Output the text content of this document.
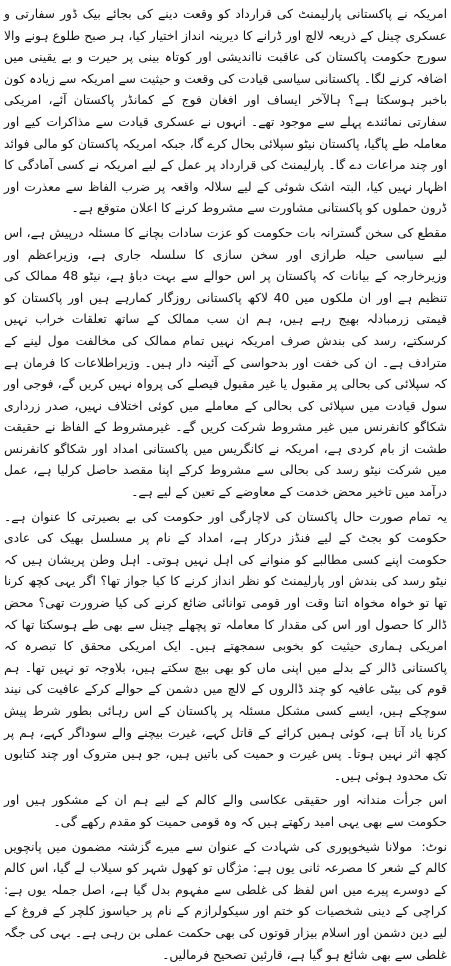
امریکہ نے پاکستانی پارلیمنٹ کی قرارداد کو وقعت دینے کی بجائے بیک ڈور سفارتی و عسکری چینل کے ذریعہ لالچ اور ڈرانے کا دیرینہ انداز اختیار کیا، ہر صبح طلوع ہونے والا سورج حکومت پاکستان کی عاقبت نااندیشی اور کوتاہ بینی پر حیرت و بے یقینی میں اضافہ کرنے لگا۔ پاکستانی سیاسی قیادت کی وقعت و حیثیت سے امریکہ سے زیادہ کون باخبر ہوسکتا ہے؟ ہالآخر ایساف اور افغان فوج کے کمانڈر پاکستان آئے، امریکی سفارتی نمائندے پہلے سے موجود تھے۔ انہوں نے عسکری قیادت سے مذاکرات کیے اور معاملہ طے پاگیا، پاکستان نیٹو سپلائی بحال کرے گا، جبکہ امریکہ پاکستان کو مالی فوائد اور چند مراعات دے گا۔ پارلیمنٹ کی قرارداد پر عمل کے لیے امریکہ نے کسی آمادگی کا اظہار نہیں کیا، البتہ اشک شوئی کے لیے سلالہ واقعہ پر ضرب الفاظ سے معذرت اور ڈرون حملوں کو پاکستانی مشاورت سے مشروط کرنے کا اعلان متوقع ہے۔

مقطع کی سخن گسترانہ بات حکومت کو عزت سادات بچانے کا مسئلہ درپیش ہے، اس لیے سیاسی حیلہ طرازی اور سخن سازی کا سلسلہ جاری ہے، وزیراعظم اور وزیرخارجہ کے بیانات کہ پاکستان پر اس حوالے سے بہت دباؤ ہے، نیٹو 48 ممالک کی تنظیم ہے اور ان ملکوں میں 40 لاکھ پاکستانی روزگار کمارہے ہیں اور پاکستان کو قیمتی زرمبادلہ بھیج رہے ہیں، ہم ان سب ممالک کے ساتھ تعلقات خراب نہیں کرسکتے، رسد کی بندش صرف امریکہ نہیں تمام ممالک کی مخالفت مول لینے کے مترادف ہے۔ ان کی خفت اور بدحواسی کے آئینہ دار ہیں۔ وزیراطلاعات کا فرمان ہے کہ سپلائی کی بحالی پر مقبول یا غیر مقبول فیصلے کی پرواہ نہیں کریں گے، فوجی اور سول قیادت میں سپلائی کی بحالی کے معاملے میں کوئی اختلاف نہیں، صدر زرداری شکاگو کانفرنس میں غیر مشروط شرکت کریں گے۔ غیرمشروط کے الفاظ نے حقیقت طشت از بام کردی ہے، امریکہ نے کانگریس میں پاکستانی امداد اور شکاگو کانفرنس میں شرکت نیٹو رسد کی بحالی سے مشروط کرکے اپنا مقصد حاصل کرلیا ہے، عمل درآمد میں تاخیر محض خدمت کے معاوضے کے تعین کے لیے ہے۔

یہ تمام صورت حال پاکستان کی لاچارگی اور حکومت کی بے بصیرتی کا عنوان ہے۔ حکومت کو بجٹ کے لیے فنڈز درکار ہے، امداد کے نام پر مسلسل بھیک کی عادی حکومت اپنے کسی مطالبے کو منوانے کی اہل نہیں ہوتی۔ اہل وطن پریشان ہیں کہ نیٹو رسد کی بندش اور پارلیمنٹ کو نظر انداز کرنے کا کیا جواز تھا؟ اگر یہی کچھ کرنا تھا تو خواہ مخواہ اتنا وقت اور قومی توانائی ضائع کرنے کی کیا ضرورت تھی؟ محض ڈالر کا حصول اور اس کی مقدار کا معاملہ تو پچھلے چینل سے بھی طے ہوسکتا تھا کہ امریکی ہماری حیثیت کو بخوبی سمجھتے ہیں۔ ایک امریکی محقق کا تبصرہ کہ پاکستانی ڈالر کے بدلے میں اپنی ماں کو بھی بیچ سکتے ہیں، بلاوجہ تو نہیں تھا۔ ہم قوم کی بیٹی عافیہ کو چند ڈالروں کے لالچ میں دشمن کے حوالے کرکے عافیت کی نیند سوچکے ہیں، ایسے کسی مشکل مسئلہ پر پاکستان کے اس رہائی بطور شرط پیش کرنا یاد آتا ہے، کوئی ہمیں کرائے کے قاتل کہے، غیرت بیچنے والے سوداگر کہے، ہم پر کچھ اثر نہیں ہوتا۔ پس غیرت و حمیت کی باتیں ہیں، جو ہیں متروک اور چند کتابوں تک محدود ہوئی ہیں۔

اس جرأت مندانہ اور حقیقی عکاسی والے کالم کے لیے ہم ان کے مشکور ہیں اور حکومت سے بھی یہی امید رکھتے ہیں کہ وہ قومی حمیت کو مقدم رکھے گی۔

نوٹ: مولانا شیخوپوری کی شہادت کے عنوان سے میرے گزشتہ مضمون میں پانچویں کالم کے شعر کا مصرعہ ثانی یوں ہے: مژگاں تو کھول شہر کو سیلاب لے گیا، اس کالم کے دوسرے پیرے میں اس لفظ کی غلطی سے مفہوم بدل گیا ہے، اصل جملہ یوں ہے: کراچی کے دینی شخصیات کو ختم اور سیکولرازم کے نام پر حیاسوز کلچر کے فروغ کے لیے دین دشمن اور اسلام بیزار قوتوں کی بھی حکمت عملی بن رہی ہے۔ بہی کی جگہ غلطی سے بھی شائع ہو گیا ہے، قارئین تصحیح فرمالیں۔
